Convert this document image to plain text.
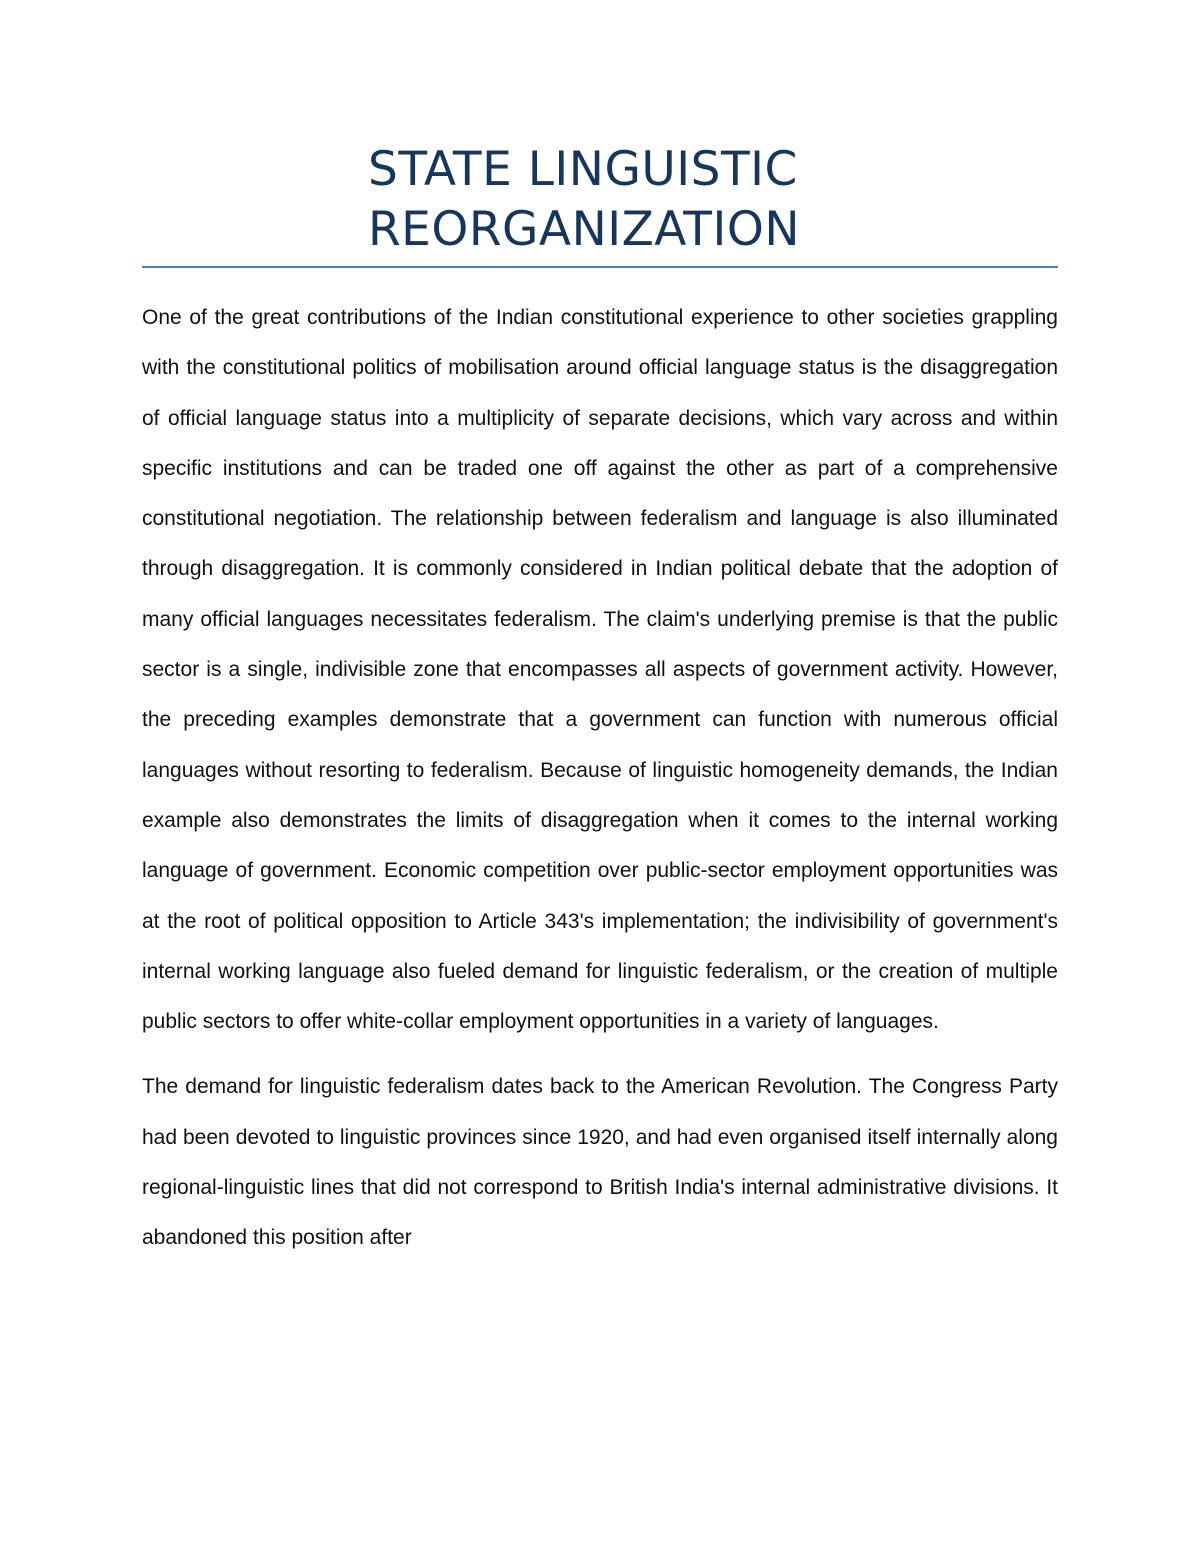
STATE LINGUISTIC
REORGANIZATION

One of the great contributions of the Indian constitutional experience to other societies grappling with the constitutional politics of mobilisation around official language status is the disaggregation of official language status into a multiplicity of separate decisions, which vary across and within specific institutions and can be traded one off against the other as part of a comprehensive constitutional negotiation. The relationship between federalism and language is also illuminated through disaggregation. It is commonly considered in Indian political debate that the adoption of many official languages necessitates federalism. The claim's underlying premise is that the public sector is a single, indivisible zone that encompasses all aspects of government activity. However, the preceding examples demonstrate that a government can function with numerous official languages without resorting to federalism. Because of linguistic homogeneity demands, the Indian example also demonstrates the limits of disaggregation when it comes to the internal working language of government. Economic competition over public-sector employment opportunities was at the root of political opposition to Article 343's implementation; the indivisibility of government's internal working language also fueled demand for linguistic federalism, or the creation of multiple public sectors to offer white-collar employment opportunities in a variety of languages.

The demand for linguistic federalism dates back to the American Revolution. The Congress Party had been devoted to linguistic provinces since 1920, and had even organised itself internally along regional-linguistic lines that did not correspond to British India's internal administrative divisions. It abandoned this position after
